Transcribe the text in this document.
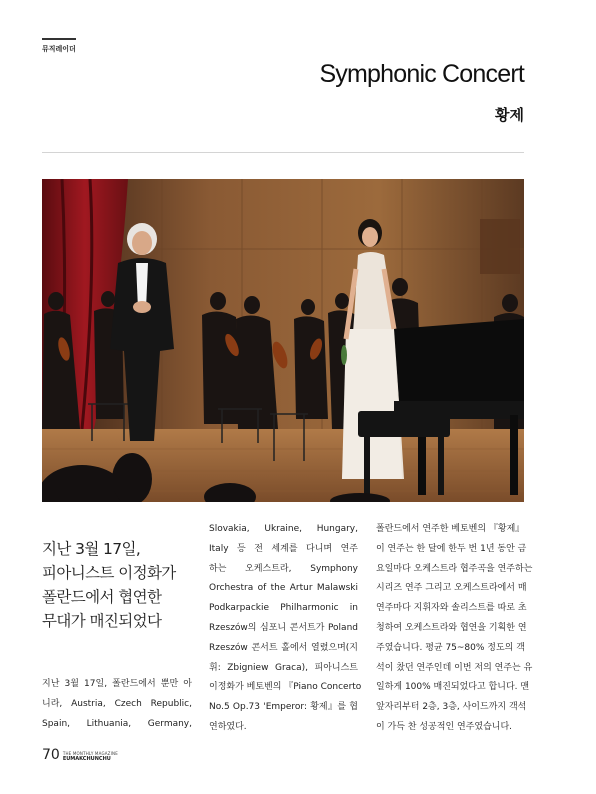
뮤직레이더
Symphonic Concert
황제
지난 3월 17일,
피아니스트 이정화가
폴란드에서 협연한
무대가 매진되었다
지난 3월 17일, 폴란드에서 뿐만 아
니라, Austria, Czech Republic,
Spain, Lithuania, Germany,
Slovakia, Ukraine, Hungary,
Italy 등 전 세계를 다니며 연주
하는 오케스트라, Symphony
Orchestra of the Artur Malawski
Podkarpackie Philharmonic in
Rzeszów의 심포니 콘서트가 Poland
Rzeszów 콘서트 홀에서 열렸으며(지
휘: Zbigniew Graca), 피아니스트
이정화가 베토벤의 『Piano Concerto
No.5 Op.73 'Emperor: 황제』를 협
연하였다.
폴란드에서 연주한 베토벤의 『황제』
이 연주는 한 달에 한두 번 1년 동안 금
요일마다 오케스트라 협주곡을 연주하는
시리즈 연주 그리고 오케스트라에서 매
연주마다 지휘자와 솔리스트를 따로 초
청하여 오케스트라와 협연을 기획한 연
주였습니다. 평균 75~80% 정도의 객
석이 찼던 연주인데 이번 저의 연주는 유
일하게 100% 매진되었다고 합니다. 맨
앞자리부터 2층, 3층, 사이드까지 객석
이 가득 찬 성공적인 연주였습니다.
70 THE MONTHLY MAGAZINE
EUMAKCHUNCHU
